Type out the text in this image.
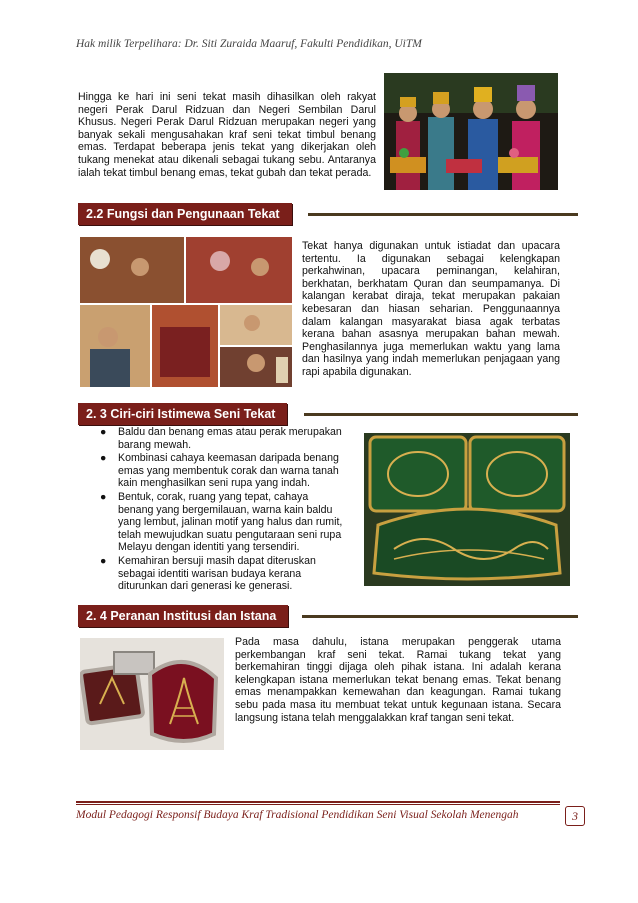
Hak milik Terpelihara: Dr. Siti Zuraida Maaruf, Fakulti Pendidikan, UiTM
Hingga ke hari ini seni tekat masih dihasilkan oleh rakyat negeri Perak Darul Ridzuan dan Negeri Sembilan Darul Khusus. Negeri Perak Darul Ridzuan merupakan negeri yang banyak sekali mengusahakan kraf seni tekat timbul benang emas. Terdapat beberapa jenis tekat yang dikerjakan oleh tukang menekat atau dikenali sebagai tukang sebu. Antaranya ialah tekat timbul benang emas, tekat gubah dan tekat perada.
2.2 Fungsi dan Pengunaan Tekat
Tekat hanya digunakan untuk istiadat dan upacara tertentu. Ia digunakan sebagai kelengkapan perkahwinan, upacara peminangan, kelahiran, berkhatan, berkhatam Quran dan seumpamanya. Di kalangan kerabat diraja, tekat merupakan pakaian kebesaran dan hiasan seharian. Penggunaannya dalam kalangan masyarakat biasa agak terbatas kerana bahan asasnya merupakan bahan mewah. Penghasilannya juga memerlukan waktu yang lama dan hasilnya yang indah memerlukan penjagaan yang rapi apabila digunakan.
2. 3 Ciri-ciri Istimewa Seni Tekat
● Baldu dan benang emas atau perak merupakan barang mewah.
● Kombinasi cahaya keemasan daripada benang emas yang membentuk corak dan warna tanah kain menghasilkan seni rupa yang indah.
● Bentuk, corak, ruang yang tepat, cahaya benang yang bergemilauan, warna kain baldu yang lembut, jalinan motif yang halus dan rumit, telah mewujudkan suatu pengutaraan seni rupa Melayu dengan identiti yang tersendiri.
● Kemahiran bersuji masih dapat diteruskan sebagai identiti warisan budaya kerana diturunkan dari generasi ke generasi.
2. 4 Peranan Institusi dan Istana
Pada masa dahulu, istana merupakan penggerak utama perkembangan kraf seni tekat. Ramai tukang tekat yang berkemahiran tinggi dijaga oleh pihak istana. Ini adalah kerana kelengkapan istana memerlukan tekat benang emas. Tekat benang emas menampakkan kemewahan dan keagungan. Ramai tukang sebu pada masa itu membuat tekat untuk kegunaan istana. Secara langsung istana telah menggalakkan kraf tangan seni tekat.
Modul Pedagogi Responsif Budaya Kraf Tradisional Pendidikan Seni Visual Sekolah Menengah	3
